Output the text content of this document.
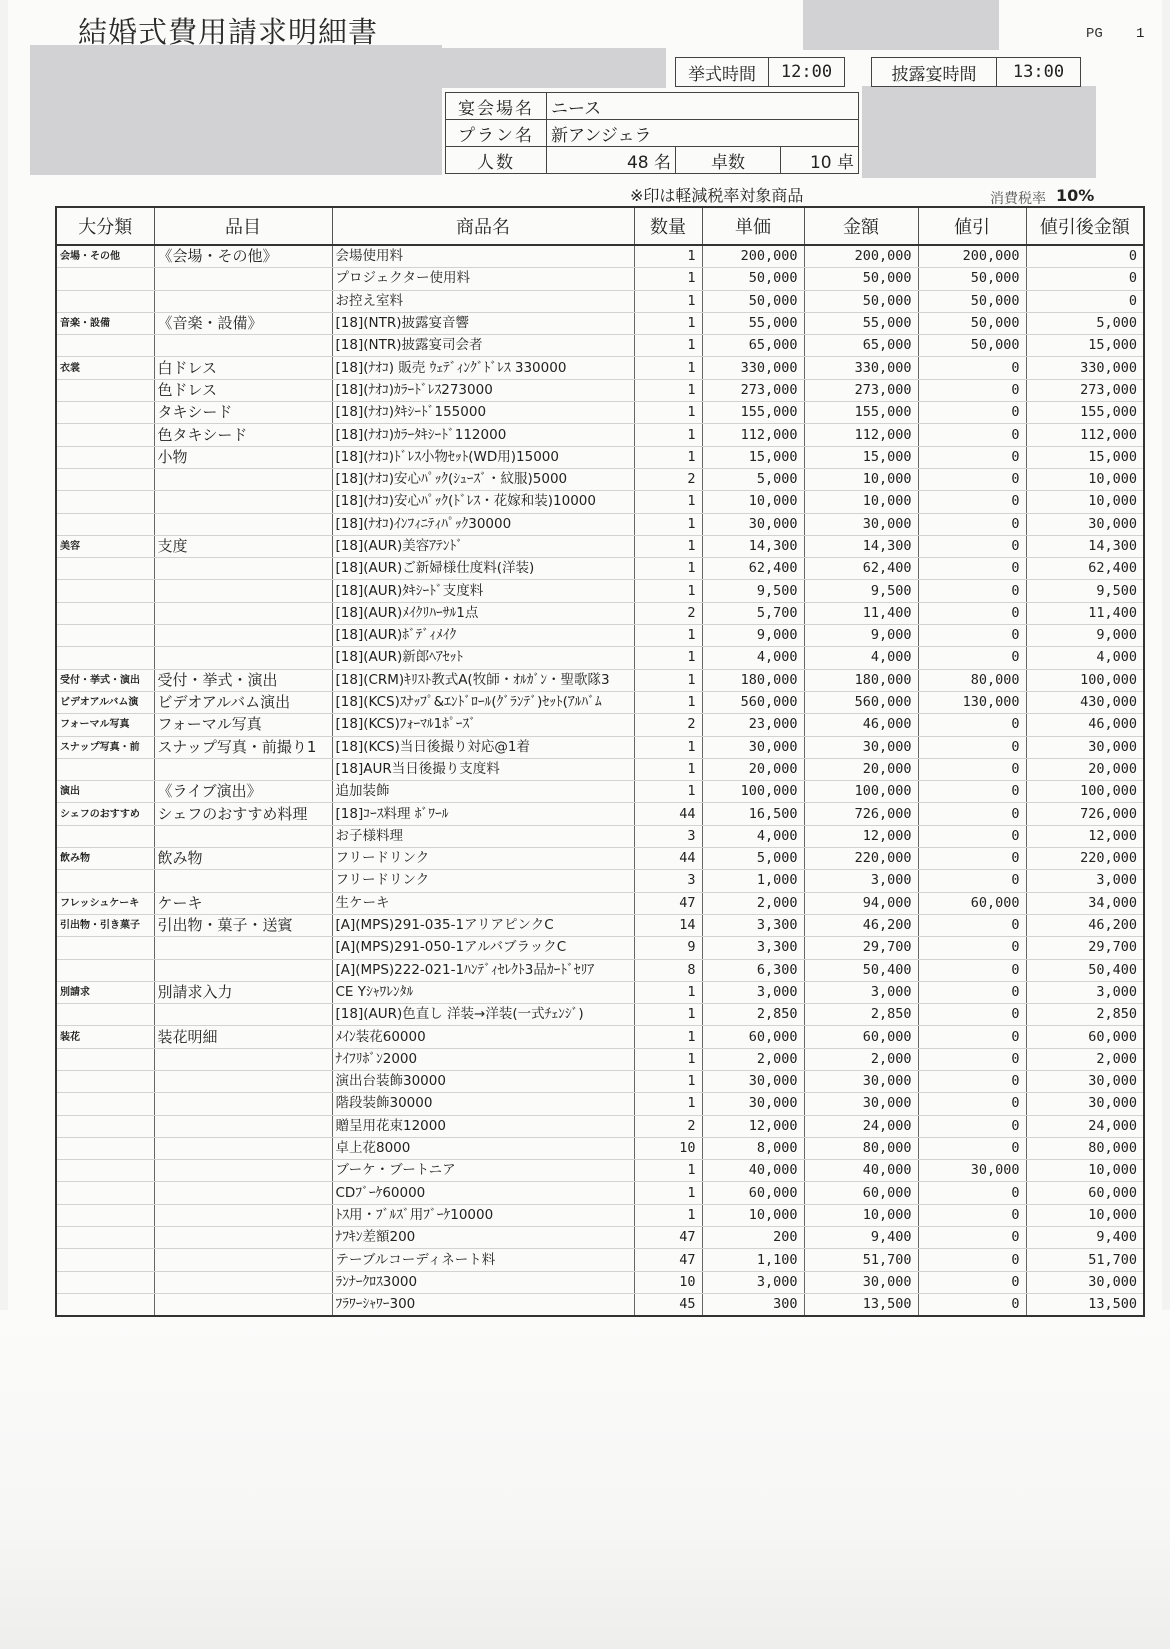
結婚式費用請求明細書	PG 1
挙式時間	12:00	披露宴時間	13:00
宴会場名	ニース		
プラン名	新アンジェラ		
人数	48 名	卓数	10 卓
※印は軽減税率対象商品	消費税率 10%
大分類	品目	商品名	数量	単価	金額	値引	値引後金額
会場・その他	《会場・その他》	会場使用料	1	200,000	200,000	200,000	0
		プロジェクター使用料	1	50,000	50,000	50,000	0
		お控え室料	1	50,000	50,000	50,000	0
音楽・設備	《音楽・設備》	[18](NTR)披露宴音響	1	55,000	55,000	50,000	5,000
		[18](NTR)披露宴司会者	1	65,000	65,000	50,000	15,000
衣裳	白ドレス	[18](ﾅｵｺ) 販売 ｳｪﾃﾞｨﾝｸﾞﾄﾞﾚｽ 330000	1	330,000	330,000	0	330,000
	色ドレス	[18](ﾅｵｺ)ｶﾗｰﾄﾞﾚｽ273000	1	273,000	273,000	0	273,000
	タキシード	[18](ﾅｵｺ)ﾀｷｼｰﾄﾞ155000	1	155,000	155,000	0	155,000
	色タキシード	[18](ﾅｵｺ)ｶﾗｰﾀｷｼｰﾄﾞ112000	1	112,000	112,000	0	112,000
	小物	[18](ﾅｵｺ)ﾄﾞﾚｽ小物ｾｯﾄ(WD用)15000	1	15,000	15,000	0	15,000
		[18](ﾅｵｺ)安心ﾊﾟｯｸ(ｼｭｰｽﾞ・紋服)5000	2	5,000	10,000	0	10,000
		[18](ﾅｵｺ)安心ﾊﾟｯｸ(ﾄﾞﾚｽ・花嫁和装)10000	1	10,000	10,000	0	10,000
		[18](ﾅｵｺ)ｲﾝﾌｨﾆﾃｨﾊﾟｯｸ30000	1	30,000	30,000	0	30,000
美容	支度	[18](AUR)美容ｱﾃﾝﾄﾞ	1	14,300	14,300	0	14,300
		[18](AUR)ご新婦様仕度料(洋装)	1	62,400	62,400	0	62,400
		[18](AUR)ﾀｷｼｰﾄﾞ支度料	1	9,500	9,500	0	9,500
		[18](AUR)ﾒｲｸﾘﾊｰｻﾙ1点	2	5,700	11,400	0	11,400
		[18](AUR)ﾎﾞﾃﾞｨﾒｲｸ	1	9,000	9,000	0	9,000
		[18](AUR)新郎ﾍｱｾｯﾄ	1	4,000	4,000	0	4,000
受付・挙式・演出	受付・挙式・演出	[18](CRM)ｷﾘｽﾄ教式A(牧師・ｵﾙｶﾞﾝ・聖歌隊3	1	180,000	180,000	80,000	100,000
ビデオアルバム演	ビデオアルバム演出	[18](KCS)ｽﾅｯﾌﾟ&ｴﾝﾄﾞﾛｰﾙ(ｸﾞﾗﾝﾃﾞ)ｾｯﾄ(ｱﾙﾊﾞﾑ	1	560,000	560,000	130,000	430,000
フォーマル写真	フォーマル写真	[18](KCS)ﾌｫｰﾏﾙ1ﾎﾟｰｽﾞ	2	23,000	46,000	0	46,000
スナップ写真・前	スナップ写真・前撮り1	[18](KCS)当日後撮り対応@1着	1	30,000	30,000	0	30,000
		[18]AUR当日後撮り支度料	1	20,000	20,000	0	20,000
演出	《ライブ演出》	追加装飾	1	100,000	100,000	0	100,000
シェフのおすすめ	シェフのおすすめ料理	[18]ｺｰｽ料理 ﾎﾞﾜｰﾙ	44	16,500	726,000	0	726,000
		お子様料理	3	4,000	12,000	0	12,000
飲み物	飲み物	フリードリンク	44	5,000	220,000	0	220,000
		フリードリンク	3	1,000	3,000	0	3,000
フレッシュケーキ	ケーキ	生ケーキ	47	2,000	94,000	60,000	34,000
引出物・引き菓子	引出物・菓子・送賓	[A](MPS)291-035-1アリアピンクC	14	3,300	46,200	0	46,200
		[A](MPS)291-050-1アルバブラックC	9	3,300	29,700	0	29,700
		[A](MPS)222-021-1ﾊﾝﾃﾞｨｾﾚｸﾄ3品ｶｰﾄﾞｾﾘｱ	8	6,300	50,400	0	50,400
別請求	別請求入力	CE Yｼｬﾜﾚﾝﾀﾙ	1	3,000	3,000	0	3,000
		[18](AUR)色直し 洋装→洋装(一式ﾁｪﾝｼﾞ)	1	2,850	2,850	0	2,850
装花	装花明細	ﾒｲﾝ装花60000	1	60,000	60,000	0	60,000
		ﾅｲﾌﾘﾎﾞﾝ2000	1	2,000	2,000	0	2,000
		演出台装飾30000	1	30,000	30,000	0	30,000
		階段装飾30000	1	30,000	30,000	0	30,000
		贈呈用花束12000	2	12,000	24,000	0	24,000
		卓上花8000	10	8,000	80,000	0	80,000
		ブーケ・ブートニア	1	40,000	40,000	30,000	10,000
		CDﾌﾞｰｹ60000	1	60,000	60,000	0	60,000
		ﾄｽ用・ﾌﾞﾙｽﾞ用ﾌﾞｰｹ10000	1	10,000	10,000	0	10,000
		ﾅﾌｷﾝ差額200	47	200	9,400	0	9,400
		テーブルコーディネート料	47	1,100	51,700	0	51,700
		ﾗﾝﾅｰｸﾛｽ3000	10	3,000	30,000	0	30,000
		ﾌﾗﾜｰｼｬﾜｰ300	45	300	13,500	0	13,500
